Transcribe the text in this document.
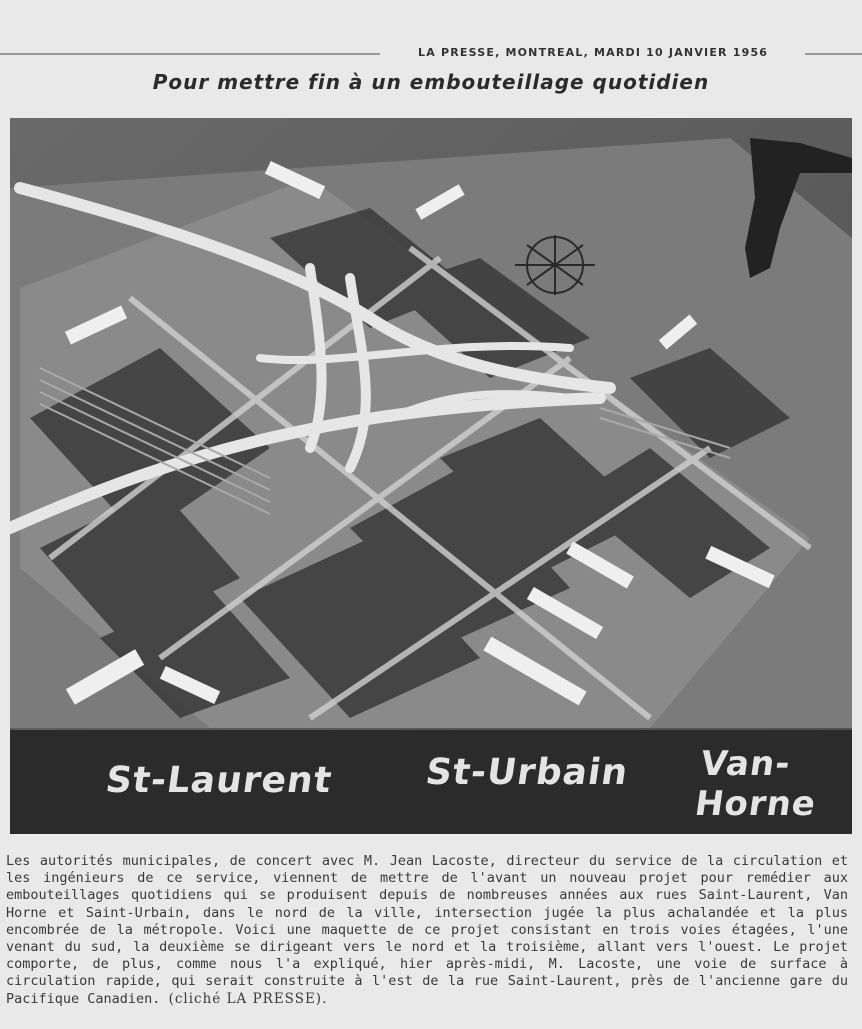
LA PRESSE, MONTREAL, MARDI 10 JANVIER 1956
Pour mettre fin à un embouteillage quotidien
St-Laurent St-Urbain Van-Horne
Les autorités municipales, de concert avec M. Jean Lacoste, directeur du service de la circulation et les ingénieurs de ce service, viennent de mettre de l'avant un nouveau projet pour remédier aux embouteillages quotidiens qui se produisent depuis de nombreuses années aux rues Saint-Laurent, Van Horne et Saint-Urbain, dans le nord de la ville, intersection jugée la plus achalandée et la plus encombrée de la métropole. Voici une maquette de ce projet consistant en trois voies étagées, l'une venant du sud, la deuxième se dirigeant vers le nord et la troisième, allant vers l'ouest. Le projet comporte, de plus, comme nous l'a expliqué, hier après-midi, M. Lacoste, une voie de surface à circulation rapide, qui serait construite à l'est de la rue Saint-Laurent, près de l'ancienne gare du Pacifique Canadien. (cliché LA PRESSE).
